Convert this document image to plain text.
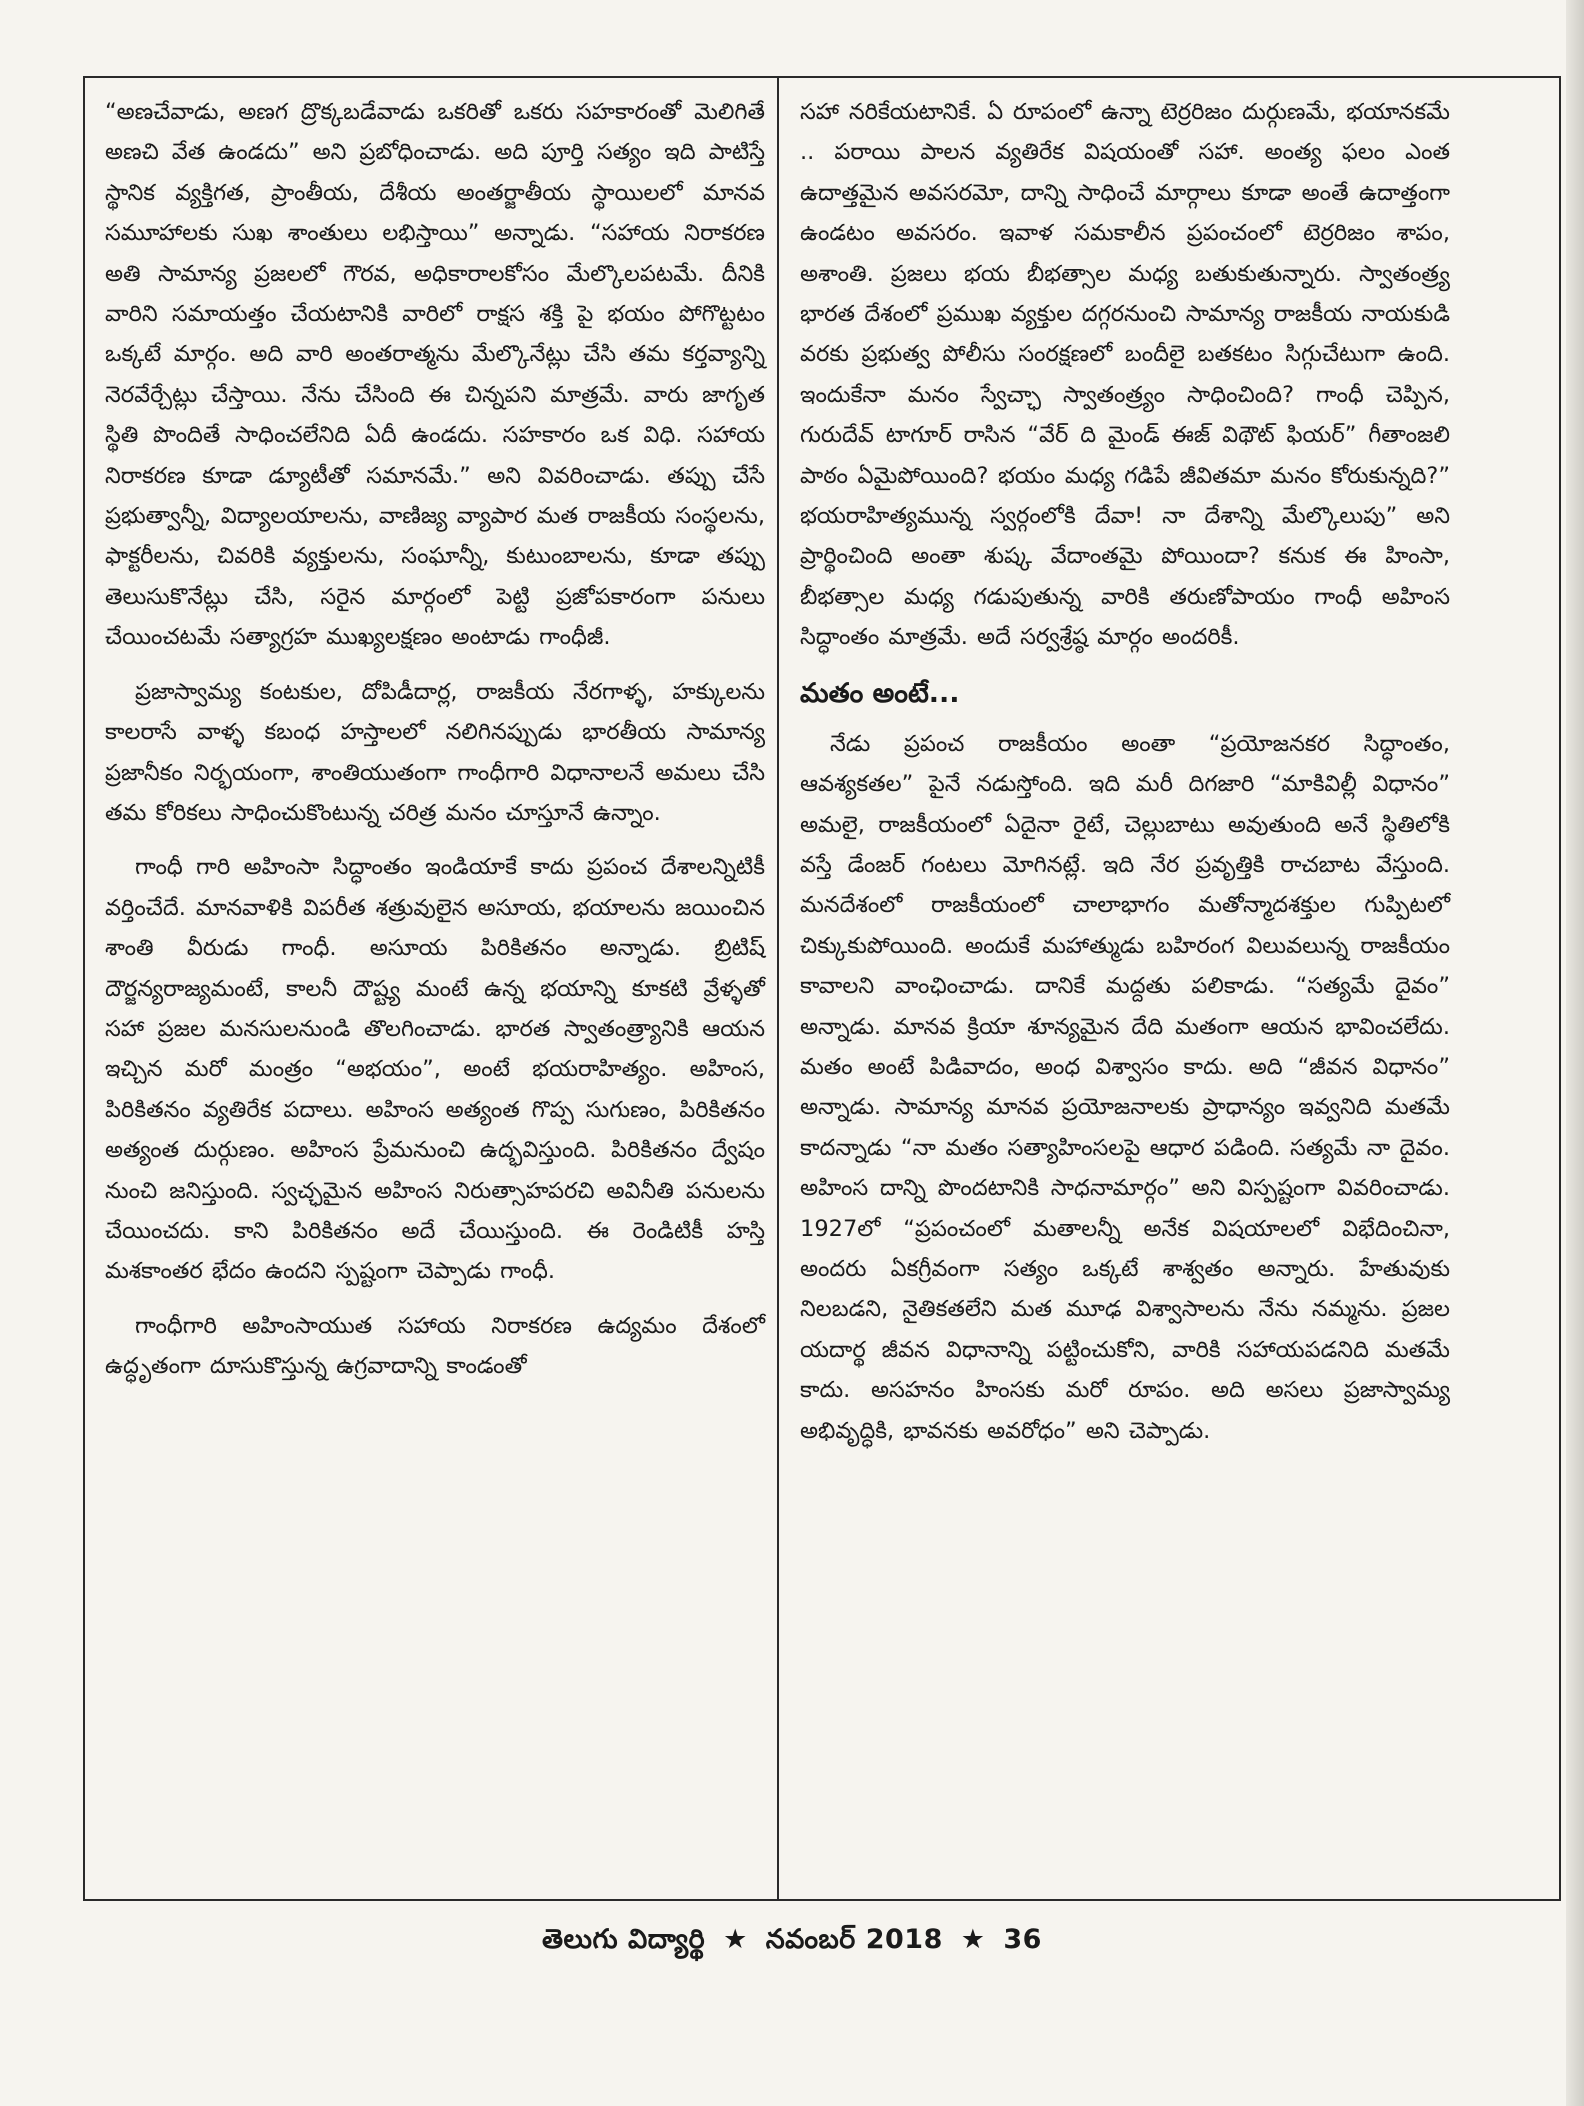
“అణచేవాడు, అణగ ద్రొక్కబడేవాడు ఒకరితో ఒకరు సహకారంతో మెలిగితే అణచి వేత ఉండదు” అని ప్రబోధించాడు. అది పూర్తి సత్యం ఇది పాటిస్తే స్థానిక వ్యక్తిగత, ప్రాంతీయ, దేశీయ అంతర్జాతీయ స్థాయిలలో మానవ సమూహాలకు సుఖ శాంతులు లభిస్తాయి” అన్నాడు. “సహాయ నిరాకరణ అతి సామాన్య ప్రజలలో గౌరవ, అధికారాలకోసం మేల్కొలపటమే. దీనికి వారిని సమాయత్తం చేయటానికి వారిలో రాక్షస శక్తి పై భయం పోగొట్టటం ఒక్కటే మార్గం. అది వారి అంతరాత్మను మేల్కొనేట్లు చేసి తమ కర్తవ్యాన్ని నెరవేర్చేట్లు చేస్తాయి. నేను చేసింది ఈ చిన్నపని మాత్రమే. వారు జాగృత స్థితి పొందితే సాధించలేనిది ఏదీ ఉండదు. సహకారం ఒక విధి. సహాయ నిరాకరణ కూడా డ్యూటీతో సమానమే.” అని వివరించాడు. తప్పు చేసే ప్రభుత్వాన్నీ, విద్యాలయాలను, వాణిజ్య వ్యాపార మత రాజకీయ సంస్థలను, ఫాక్టరీలను, చివరికి వ్యక్తులను, సంఘాన్నీ, కుటుంబాలను, కూడా తప్పు తెలుసుకొనేట్లు చేసి, సరైన మార్గంలో పెట్టి ప్రజోపకారంగా పనులు చేయించటమే సత్యాగ్రహ ముఖ్యలక్షణం అంటాడు గాంధీజీ.

ప్రజాస్వామ్య కంటకుల, దోపిడీదార్ల, రాజకీయ నేరగాళ్ళ, హక్కులను కాలరాసే వాళ్ళ కబంధ హస్తాలలో నలిగినప్పుడు భారతీయ సామాన్య ప్రజానీకం నిర్భయంగా, శాంతియుతంగా గాంధీగారి విధానాలనే అమలు చేసి తమ కోరికలు సాధించుకొంటున్న చరిత్ర మనం చూస్తూనే ఉన్నాం.

గాంధీ గారి అహింసా సిద్ధాంతం ఇండియాకే కాదు ప్రపంచ దేశాలన్నిటికీ వర్తించేదే. మానవాళికి విపరీత శత్రువులైన అసూయ, భయాలను జయించిన శాంతి వీరుడు గాంధీ. అసూయ పిరికితనం అన్నాడు. బ్రిటిష్ దౌర్జన్యరాజ్యమంటే, కాలనీ దౌష్ట్య మంటే ఉన్న భయాన్ని కూకటి వ్రేళ్ళతో సహా ప్రజల మనసులనుండి తొలగించాడు. భారత స్వాతంత్ర్యానికి ఆయన ఇచ్చిన మరో మంత్రం “అభయం”, అంటే భయరాహిత్యం. అహింస, పిరికితనం వ్యతిరేక పదాలు. అహింస అత్యంత గొప్ప సుగుణం, పిరికితనం అత్యంత దుర్గుణం. అహింస ప్రేమనుంచి ఉద్భవిస్తుంది. పిరికితనం ద్వేషం నుంచి జనిస్తుంది. స్వచ్ఛమైన అహింస నిరుత్సాహపరచి అవినీతి పనులను చేయించదు. కాని పిరికితనం అదే చేయిస్తుంది. ఈ రెండిటికీ హస్తి మశకాంతర భేదం ఉందని స్పష్టంగా చెప్పాడు గాంధీ.

గాంధీగారి అహింసాయుత సహాయ నిరాకరణ ఉద్యమం దేశంలో ఉద్ధృతంగా దూసుకొస్తున్న ఉగ్రవాదాన్ని కాండంతో

సహా నరికేయటానికే. ఏ రూపంలో ఉన్నా టెర్రరిజం దుర్గుణమే, భయానకమే .. పరాయి పాలన వ్యతిరేక విషయంతో సహా. అంత్య ఫలం ఎంత ఉదాత్తమైన అవసరమో, దాన్ని సాధించే మార్గాలు కూడా అంతే ఉదాత్తంగా ఉండటం అవసరం. ఇవాళ సమకాలీన ప్రపంచంలో టెర్రరిజం శాపం, అశాంతి. ప్రజలు భయ బీభత్సాల మధ్య బతుకుతున్నారు. స్వాతంత్ర్య భారత దేశంలో ప్రముఖ వ్యక్తుల దగ్గరనుంచి సామాన్య రాజకీయ నాయకుడి వరకు ప్రభుత్వ పోలీసు సంరక్షణలో బందీలై బతకటం సిగ్గుచేటుగా ఉంది. ఇందుకేనా మనం స్వేచ్ఛా స్వాతంత్ర్యం సాధించింది? గాంధీ చెప్పిన, గురుదేవ్ టాగూర్ రాసిన “వేర్ ది మైండ్ ఈజ్ విథౌట్ ఫియర్” గీతాంజలి పాఠం ఏమైపోయింది? భయం మధ్య గడిపే జీవితమా మనం కోరుకున్నది?” భయరాహిత్యమున్న స్వర్గంలోకి దేవా! నా దేశాన్ని మేల్కొలుపు” అని ప్రార్థించింది అంతా శుష్క వేదాంతమై పోయిందా? కనుక ఈ హింసా, బీభత్సాల మధ్య గడుపుతున్న వారికి తరుణోపాయం గాంధీ అహింస సిద్ధాంతం మాత్రమే. అదే సర్వశ్రేష్ఠ మార్గం అందరికీ.

మతం అంటే...

నేడు ప్రపంచ రాజకీయం అంతా “ప్రయోజనకర సిద్ధాంతం, ఆవశ్యకతల” పైనే నడుస్తోంది. ఇది మరీ దిగజారి “మాకివిల్లీ విధానం” అమలై, రాజకీయంలో ఏదైనా రైటే, చెల్లుబాటు అవుతుంది అనే స్థితిలోకి వస్తే డేంజర్ గంటలు మోగినట్లే. ఇది నేర ప్రవృత్తికి రాచబాట వేస్తుంది. మనదేశంలో రాజకీయంలో చాలాభాగం మతోన్మాదశక్తుల గుప్పిటలో చిక్కుకుపోయింది. అందుకే మహాత్ముడు బహిరంగ విలువలున్న రాజకీయం కావాలని వాంఛించాడు. దానికే మద్దతు పలికాడు. “సత్యమే దైవం” అన్నాడు. మానవ క్రియా శూన్యమైన దేది మతంగా ఆయన భావించలేదు. మతం అంటే పిడివాదం, అంధ విశ్వాసం కాదు. అది “జీవన విధానం” అన్నాడు. సామాన్య మానవ ప్రయోజనాలకు ప్రాధాన్యం ఇవ్వనిది మతమే కాదన్నాడు “నా మతం సత్యాహింసలపై ఆధార పడింది. సత్యమే నా దైవం. అహింస దాన్ని పొందటానికి సాధనామార్గం” అని విస్పష్టంగా వివరించాడు. 1927లో “ప్రపంచంలో మతాలన్నీ అనేక విషయాలలో విభేదించినా, అందరు ఏకగ్రీవంగా సత్యం ఒక్కటే శాశ్వతం అన్నారు. హేతువుకు నిలబడని, నైతికతలేని మత మూఢ విశ్వాసాలను నేను నమ్మను. ప్రజల యదార్థ జీవన విధానాన్ని పట్టించుకోని, వారికి సహాయపడనిది మతమే కాదు. అసహనం హింసకు మరో రూపం. అది అసలు ప్రజాస్వామ్య అభివృద్ధికి, భావనకు అవరోధం” అని చెప్పాడు.

తెలుగు విద్యార్థి ★ నవంబర్ 2018 ★ 36
